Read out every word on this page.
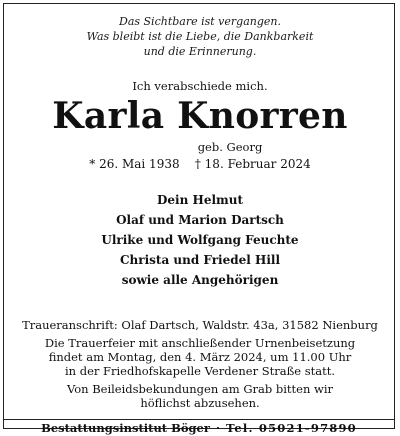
Das Sichtbare ist vergangen.
Was bleibt ist die Liebe, die Dankbarkeit
und die Erinnerung.
Ich verabschiede mich.
Karla Knorren
geb. Georg
* 26. Mai 1938    † 18. Februar 2024
Dein Helmut
Olaf und Marion Dartsch
Ulrike und Wolfgang Feuchte
Christa und Friedel Hill
sowie alle Angehörigen
Traueranschrift: Olaf Dartsch, Waldstr. 43a, 31582 Nienburg
Die Trauerfeier mit anschließender Urnenbeisetzung
findet am Montag, den 4. März 2024, um 11.00 Uhr
in der Friedhofskapelle Verdener Straße statt.
Von Beileidsbekundungen am Grab bitten wir
höflichst abzusehen.
Bestattungsinstitut Böger · Tel. 05021-97890
